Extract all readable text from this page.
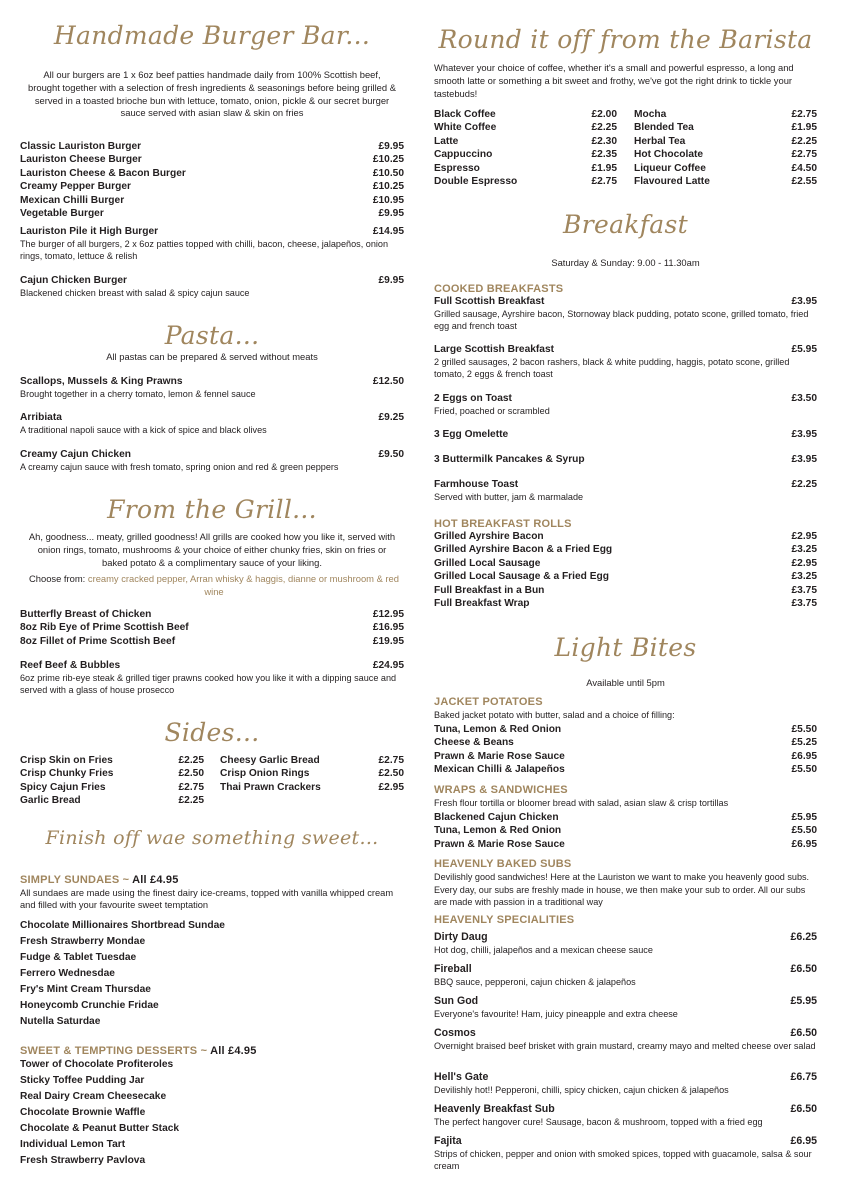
Handmade Burger Bar...
All our burgers are 1 x 6oz beef patties handmade daily from 100% Scottish beef, brought together with a selection of fresh ingredients & seasonings before being grilled & served in a toasted brioche bun with lettuce, tomato, onion, pickle & our secret burger sauce served with asian slaw & skin on fries
Classic Lauriston Burger	£9.95
Lauriston Cheese Burger	£10.25
Lauriston Cheese & Bacon Burger	£10.50
Creamy Pepper Burger	£10.25
Mexican Chilli Burger	£10.95
Vegetable Burger	£9.95
Lauriston Pile it High Burger	£14.95
The burger of all burgers, 2 x 6oz patties topped with chilli, bacon, cheese, jalapeños, onion rings, tomato, lettuce & relish
Cajun Chicken Burger	£9.95
Blackened chicken breast with salad & spicy cajun sauce
Pasta...
All pastas can be prepared & served without meats
Scallops, Mussels & King Prawns	£12.50
Brought together in a cherry tomato, lemon & fennel sauce
Arribiata	£9.25
A traditional napoli sauce with a kick of spice and black olives
Creamy Cajun Chicken	£9.50
A creamy cajun sauce with fresh tomato, spring onion and red & green peppers
From the Grill...
Ah, goodness... meaty, grilled goodness! All grills are cooked how you like it, served with onion rings, tomato, mushrooms & your choice of either chunky fries, skin on fries or baked potato & a complimentary sauce of your liking.
Choose from: creamy cracked pepper, Arran whisky & haggis, dianne or mushroom & red wine
Butterfly Breast of Chicken	£12.95
8oz Rib Eye of Prime Scottish Beef	£16.95
8oz Fillet of Prime Scottish Beef	£19.95
Reef Beef & Bubbles	£24.95
6oz prime rib-eye steak & grilled tiger prawns cooked how you like it with a dipping sauce and served with a glass of house prosecco
Sides...
Crisp Skin on Fries	£2.25
Crisp Chunky Fries	£2.50
Spicy Cajun Fries	£2.75
Garlic Bread	£2.25
Cheesy Garlic Bread	£2.75
Crisp Onion Rings	£2.50
Thai Prawn Crackers	£2.95
Finish off wae something sweet...
SIMPLY SUNDAES ~ All £4.95
All sundaes are made using the finest dairy ice-creams, topped with vanilla whipped cream and filled with your favourite sweet temptation
Chocolate Millionaires Shortbread Sundae
Fresh Strawberry Mondae
Fudge & Tablet Tuesdae
Ferrero Wednesdae
Fry's Mint Cream Thursdae
Honeycomb Crunchie Fridae
Nutella Saturdae
SWEET & TEMPTING DESSERTS ~ All £4.95
Tower of Chocolate Profiteroles
Sticky Toffee Pudding Jar
Real Dairy Cream Cheesecake
Chocolate Brownie Waffle
Chocolate & Peanut Butter Stack
Individual Lemon Tart
Fresh Strawberry Pavlova
Round it off from the Barista
Whatever your choice of coffee, whether it's a small and powerful espresso, a long and smooth latte or something a bit sweet and frothy, we've got the right drink to tickle your tastebuds!
Black Coffee	£2.00
White Coffee	£2.25
Latte	£2.30
Cappuccino	£2.35
Espresso	£1.95
Double Espresso	£2.75
Mocha	£2.75
Blended Tea	£1.95
Herbal Tea	£2.25
Hot Chocolate	£2.75
Liqueur Coffee	£4.50
Flavoured Latte	£2.55
Breakfast
Saturday & Sunday: 9.00 - 11.30am
COOKED BREAKFASTS
Full Scottish Breakfast	£3.95
Grilled sausage, Ayrshire bacon, Stornoway black pudding, potato scone, grilled tomato, fried egg and french toast
Large Scottish Breakfast	£5.95
2 grilled sausages, 2 bacon rashers, black & white pudding, haggis, potato scone, grilled tomato, 2 eggs & french toast
2 Eggs on Toast	£3.50
Fried, poached or scrambled
3 Egg Omelette	£3.95
3 Buttermilk Pancakes & Syrup	£3.95
Farmhouse Toast	£2.25
Served with butter, jam & marmalade
HOT BREAKFAST ROLLS
Grilled Ayrshire Bacon	£2.95
Grilled Ayrshire Bacon & a Fried Egg	£3.25
Grilled Local Sausage	£2.95
Grilled Local Sausage & a Fried Egg	£3.25
Full Breakfast in a Bun	£3.75
Full Breakfast Wrap	£3.75
Light Bites
Available until 5pm
JACKET POTATOES
Baked jacket potato with butter, salad and a choice of filling:
Tuna, Lemon & Red Onion	£5.50
Cheese & Beans	£5.25
Prawn & Marie Rose Sauce	£6.95
Mexican Chilli & Jalapeños	£5.50
WRAPS & SANDWICHES
Fresh flour tortilla or bloomer bread with salad, asian slaw & crisp tortillas
Blackened Cajun Chicken	£5.95
Tuna, Lemon & Red Onion	£5.50
Prawn & Marie Rose Sauce	£6.95
HEAVENLY BAKED SUBS
Devilishly good sandwiches! Here at the Lauriston we want to make you heavenly good subs. Every day, our subs are freshly made in house, we then make your sub to order. All our subs are made with passion in a traditional way
HEAVENLY SPECIALITIES
Dirty Daug	£6.25
Hot dog, chilli, jalapeños and a mexican cheese sauce
Fireball	£6.50
BBQ sauce, pepperoni, cajun chicken & jalapeños
Sun God	£5.95
Everyone's favourite! Ham, juicy pineapple and extra cheese
Cosmos	£6.50
Overnight braised beef brisket with grain mustard, creamy mayo and melted cheese over salad
Hell's Gate	£6.75
Devilishly hot!! Pepperoni, chilli, spicy chicken, cajun chicken & jalapeños
Heavenly Breakfast Sub	£6.50
The perfect hangover cure! Sausage, bacon & mushroom, topped with a fried egg
Fajita	£6.95
Strips of chicken, pepper and onion with smoked spices, topped with guacamole, salsa & sour cream
